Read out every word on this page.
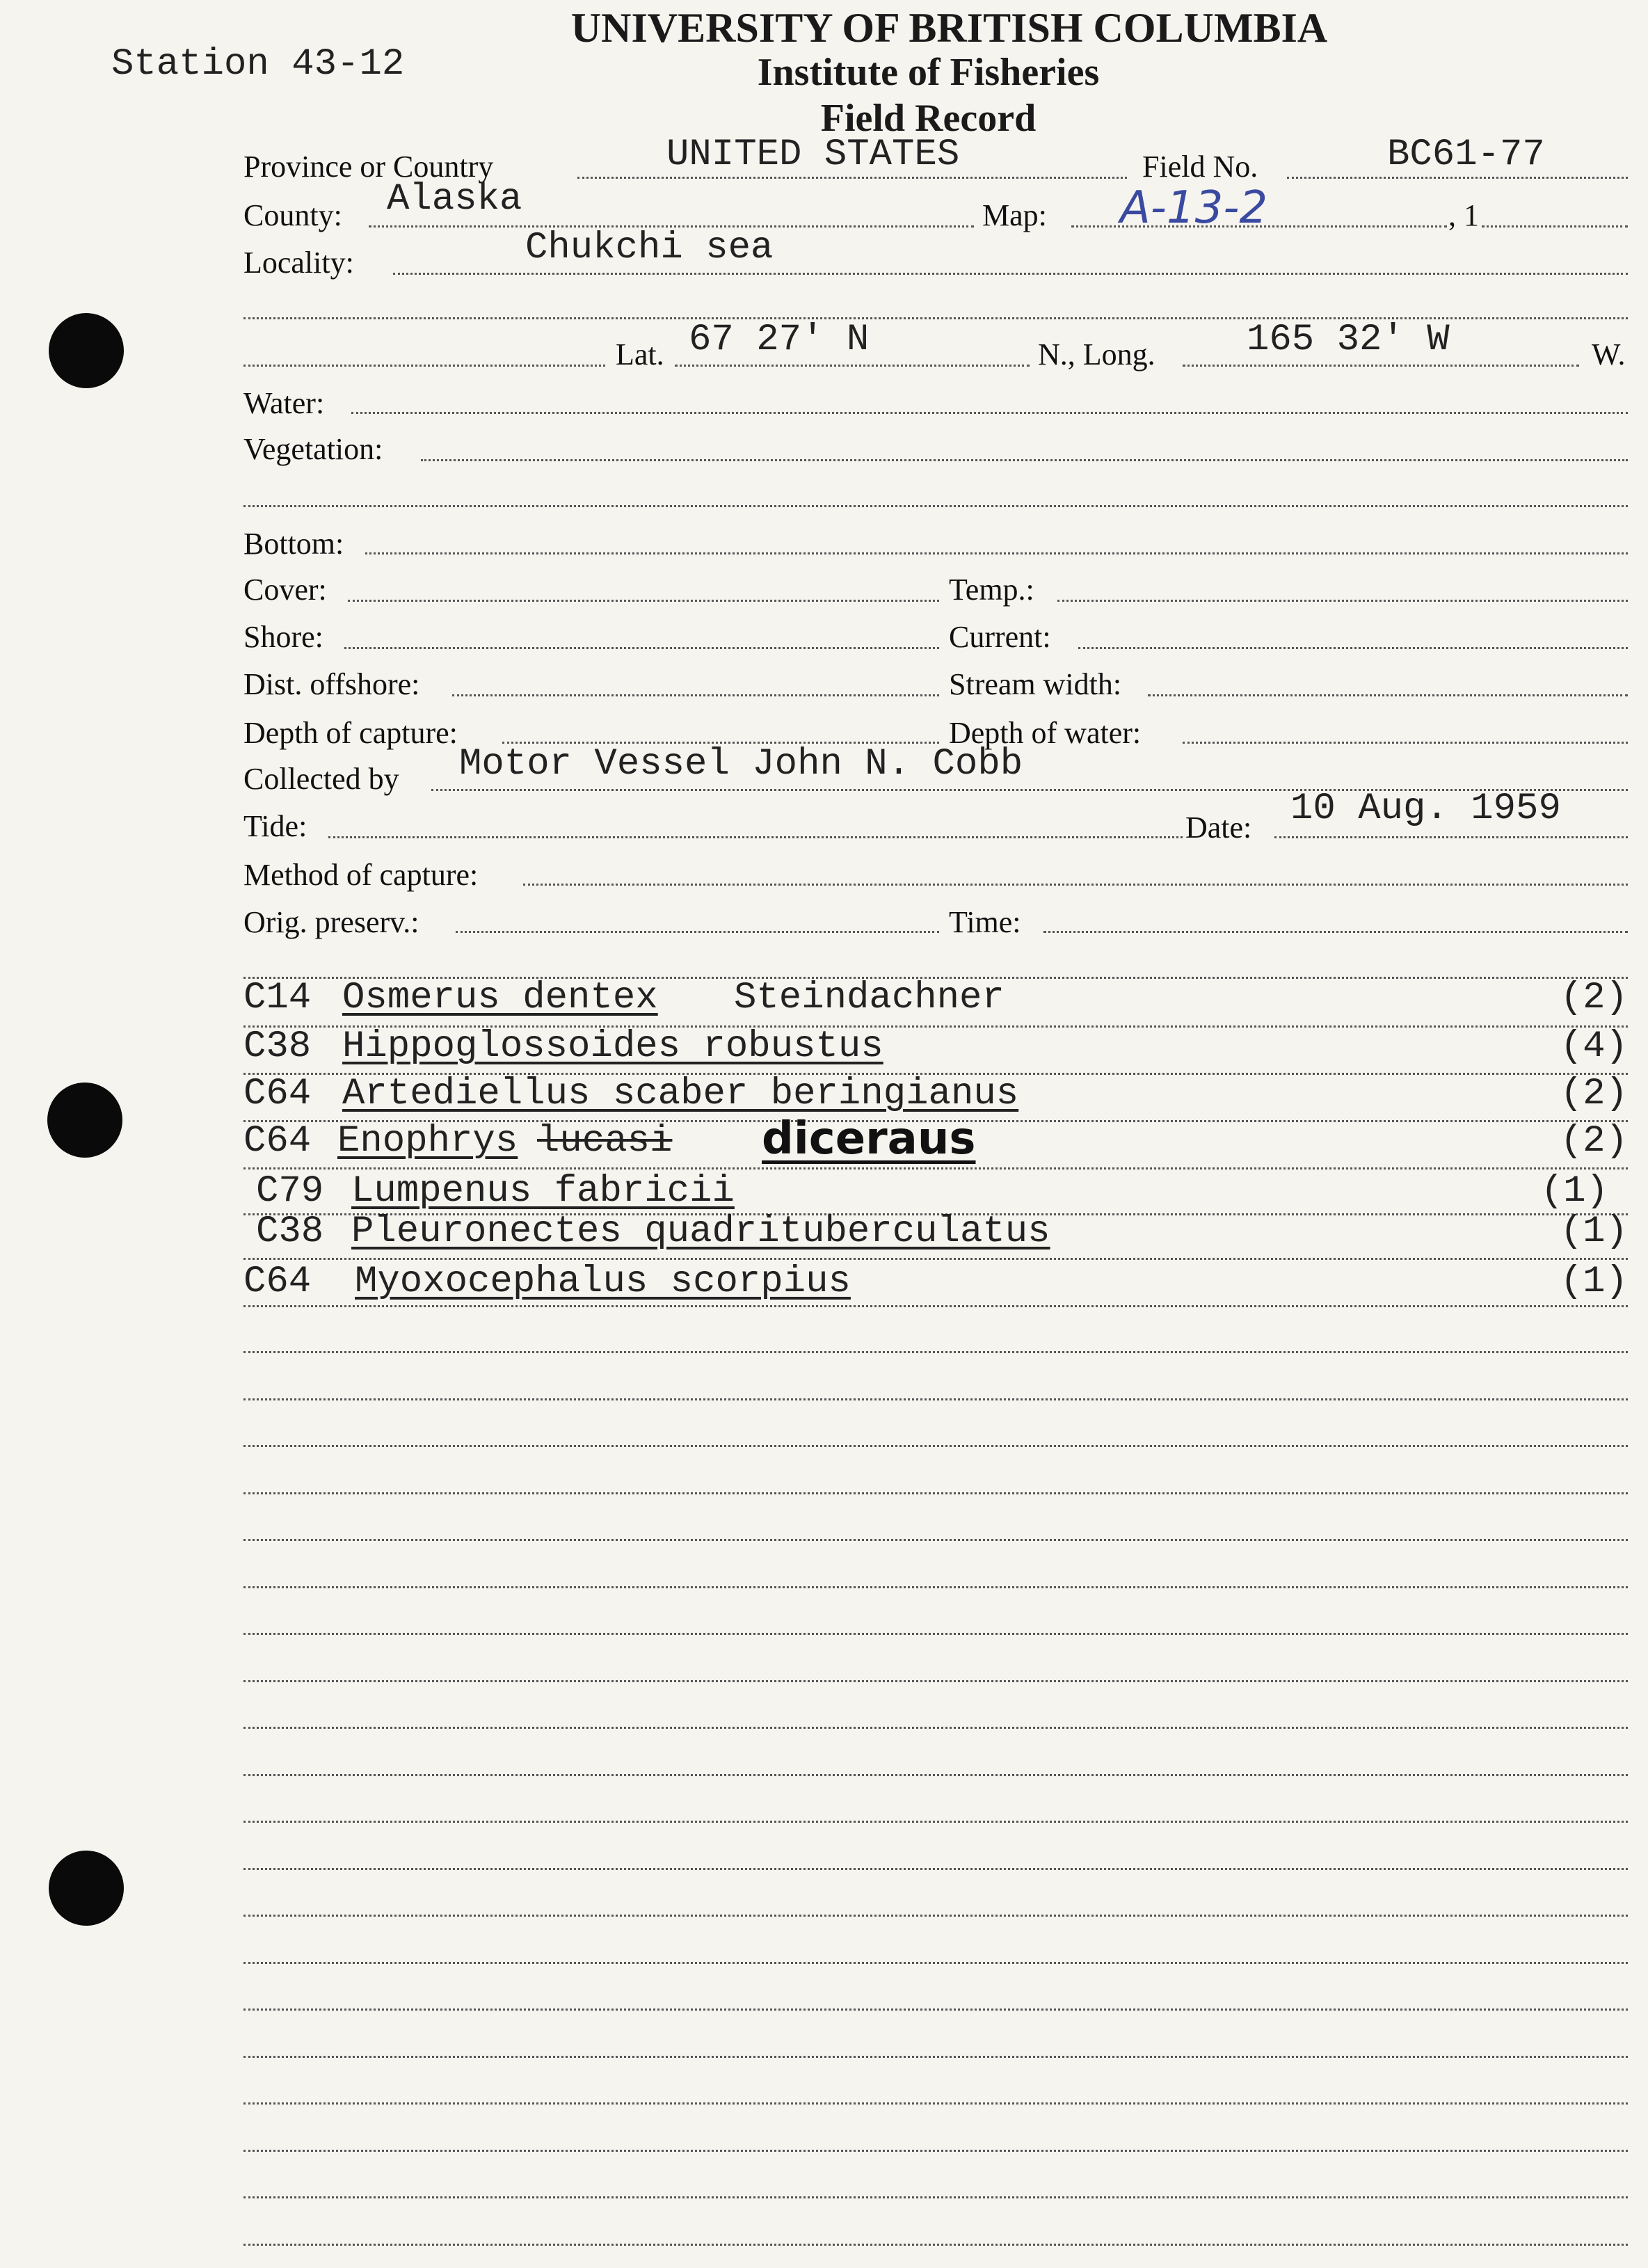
Station 43-12
UNIVERSITY OF BRITISH COLUMBIA
Institute of Fisheries
Field Record
Province or Country	UNITED STATES	Field No.	BC61-77
County: Alaska	Map: A-13-2	, 1
Locality:	Chukchi sea
Lat. 67 27' N	N., Long. 165 32' W	W.
Water:
Vegetation:
Bottom:
Cover:	Temp.:
Shore:	Current:
Dist. offshore:	Stream width:
Depth of capture:	Depth of water:
Collected by Motor Vessel John N. Cobb
Tide:	Date: 10 Aug. 1959
Method of capture:
Orig. preserv.:	Time:
C14 Osmerus dentex Steindachner	(2)
C38 Hippoglossoides robustus	(4)
C64 Artediellus scaber beringianus	(2)
C64 Enophrys lucasi diceraus	(2)
C79 Lumpenus fabricii	(1)
C38 Pleuronectes quadrituberculatus	(1)
C64 Myoxocephalus scorpius	(1)
